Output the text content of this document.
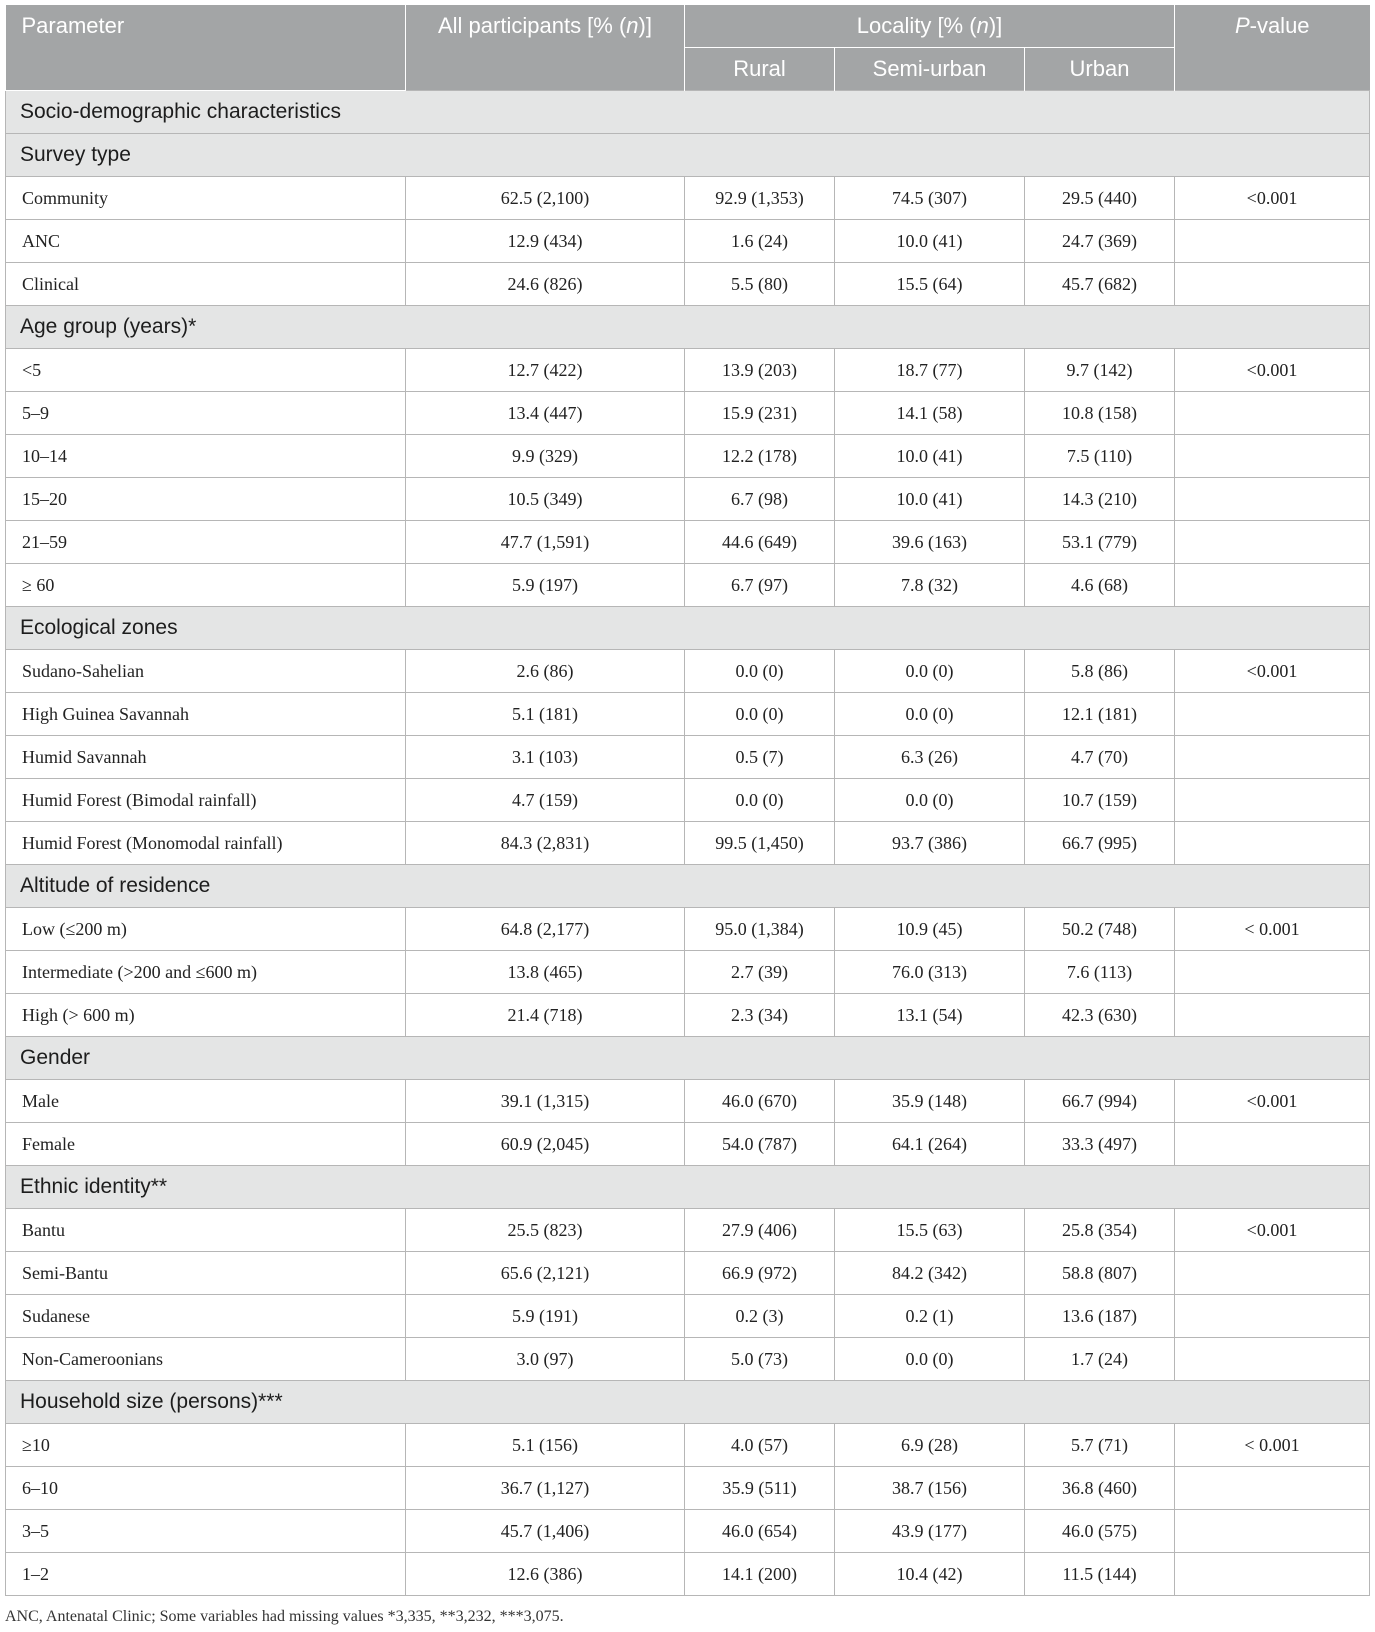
Parameter	All participants [% (n)]	Locality [% (n)]			P-value
		Rural	Semi-urban	Urban	
Socio-demographic characteristics					
Survey type					
Community	62.5 (2,100)	92.9 (1,353)	74.5 (307)	29.5 (440)	<0.001
ANC	12.9 (434)	1.6 (24)	10.0 (41)	24.7 (369)	
Clinical	24.6 (826)	5.5 (80)	15.5 (64)	45.7 (682)	
Age group (years)*					
<5	12.7 (422)	13.9 (203)	18.7 (77)	9.7 (142)	<0.001
5–9	13.4 (447)	15.9 (231)	14.1 (58)	10.8 (158)	
10–14	9.9 (329)	12.2 (178)	10.0 (41)	7.5 (110)	
15–20	10.5 (349)	6.7 (98)	10.0 (41)	14.3 (210)	
21–59	47.7 (1,591)	44.6 (649)	39.6 (163)	53.1 (779)	
≥ 60	5.9 (197)	6.7 (97)	7.8 (32)	4.6 (68)	
Ecological zones					
Sudano-Sahelian	2.6 (86)	0.0 (0)	0.0 (0)	5.8 (86)	<0.001
High Guinea Savannah	5.1 (181)	0.0 (0)	0.0 (0)	12.1 (181)	
Humid Savannah	3.1 (103)	0.5 (7)	6.3 (26)	4.7 (70)	
Humid Forest (Bimodal rainfall)	4.7 (159)	0.0 (0)	0.0 (0)	10.7 (159)	
Humid Forest (Monomodal rainfall)	84.3 (2,831)	99.5 (1,450)	93.7 (386)	66.7 (995)	
Altitude of residence					
Low (≤200 m)	64.8 (2,177)	95.0 (1,384)	10.9 (45)	50.2 (748)	< 0.001
Intermediate (>200 and ≤600 m)	13.8 (465)	2.7 (39)	76.0 (313)	7.6 (113)	
High (> 600 m)	21.4 (718)	2.3 (34)	13.1 (54)	42.3 (630)	
Gender					
Male	39.1 (1,315)	46.0 (670)	35.9 (148)	66.7 (994)	<0.001
Female	60.9 (2,045)	54.0 (787)	64.1 (264)	33.3 (497)	
Ethnic identity**					
Bantu	25.5 (823)	27.9 (406)	15.5 (63)	25.8 (354)	<0.001
Semi-Bantu	65.6 (2,121)	66.9 (972)	84.2 (342)	58.8 (807)	
Sudanese	5.9 (191)	0.2 (3)	0.2 (1)	13.6 (187)	
Non-Cameroonians	3.0 (97)	5.0 (73)	0.0 (0)	1.7 (24)	
Household size (persons)***					
≥10	5.1 (156)	4.0 (57)	6.9 (28)	5.7 (71)	< 0.001
6–10	36.7 (1,127)	35.9 (511)	38.7 (156)	36.8 (460)	
3–5	45.7 (1,406)	46.0 (654)	43.9 (177)	46.0 (575)	
1–2	12.6 (386)	14.1 (200)	10.4 (42)	11.5 (144)	
ANC, Antenatal Clinic; Some variables had missing values *3,335, **3,232, ***3,075.
